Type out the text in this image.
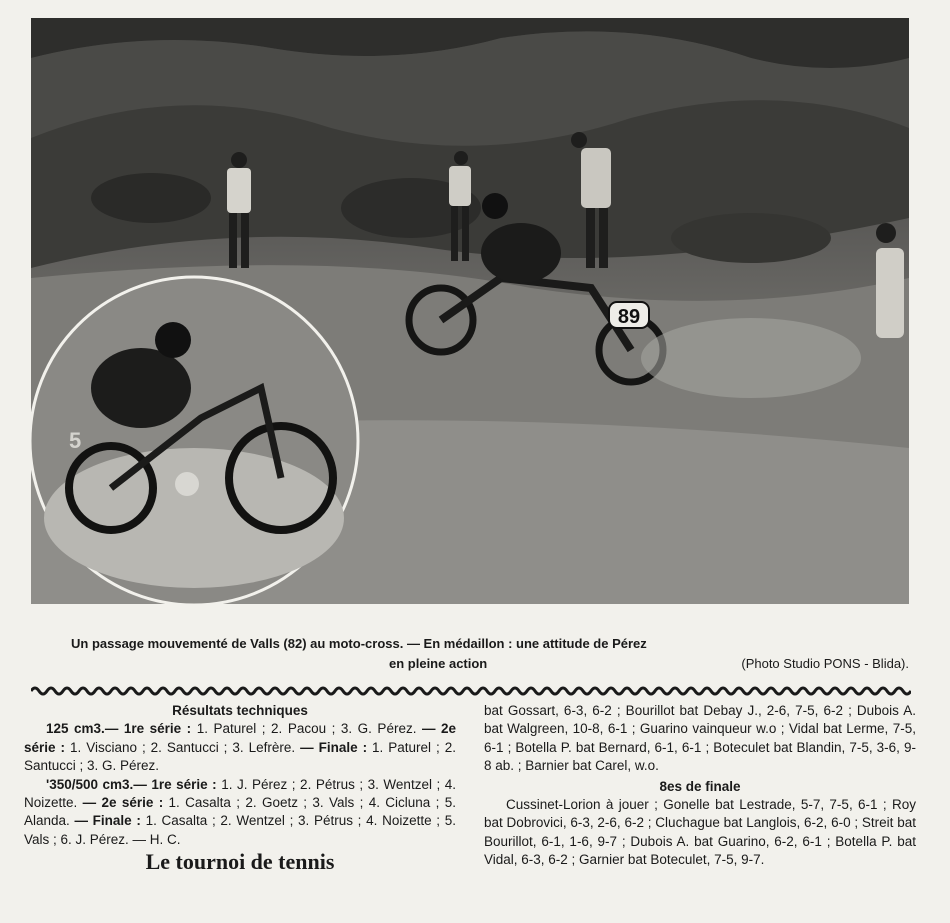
89
5
Un passage mouvementé de Valls (82) au moto-cross. — En médaillon : une attitude de Pérez
en pleine action	(Photo Studio PONS - Blida).
Résultats techniques

125 cm3.— 1re série : 1. Paturel ; 2. Pacou ; 3. G. Pérez. — 2e série : 1. Visciano ; 2. Santucci ; 3. Lefrère. — Finale : 1. Paturel ; 2. Santucci ; 3. G. Pérez.

'350/500 cm3.— 1re série : 1. J. Pérez ; 2. Pétrus ; 3. Wentzel ; 4. Noizette. — 2e série : 1. Casalta ; 2. Goetz ; 3. Vals ; 4. Cicluna ; 5. Alanda. — Finale : 1. Casalta ; 2. Wentzel ; 3. Pétrus ; 4. Noizette ; 5. Vals ; 6. J. Pérez. — H. C.

Le tournoi de tennis

bat Gossart, 6-3, 6-2 ; Bourillot bat Debay J., 2-6, 7-5, 6-2 ; Dubois A. bat Walgreen, 10-8, 6-1 ; Guarino vainqueur w.o ; Vidal bat Lerme, 7-5, 6-1 ; Botella P. bat Bernard, 6-1, 6-1 ; Boteculet bat Blandin, 7-5, 3-6, 9-8 ab. ; Barnier bat Carel, w.o.

8es de finale

Cussinet-Lorion à jouer ; Gonelle bat Lestrade, 5-7, 7-5, 6-1 ; Roy bat Dobrovici, 6-3, 2-6, 6-2 ; Cluchague bat Langlois, 6-2, 6-0 ; Streit bat Bourillot, 6-1, 1-6, 9-7 ; Dubois A. bat Guarino, 6-2, 6-1 ; Botella P. bat Vidal, 6-3, 6-2 ; Garnier bat Boteculet, 7-5, 9-7.
